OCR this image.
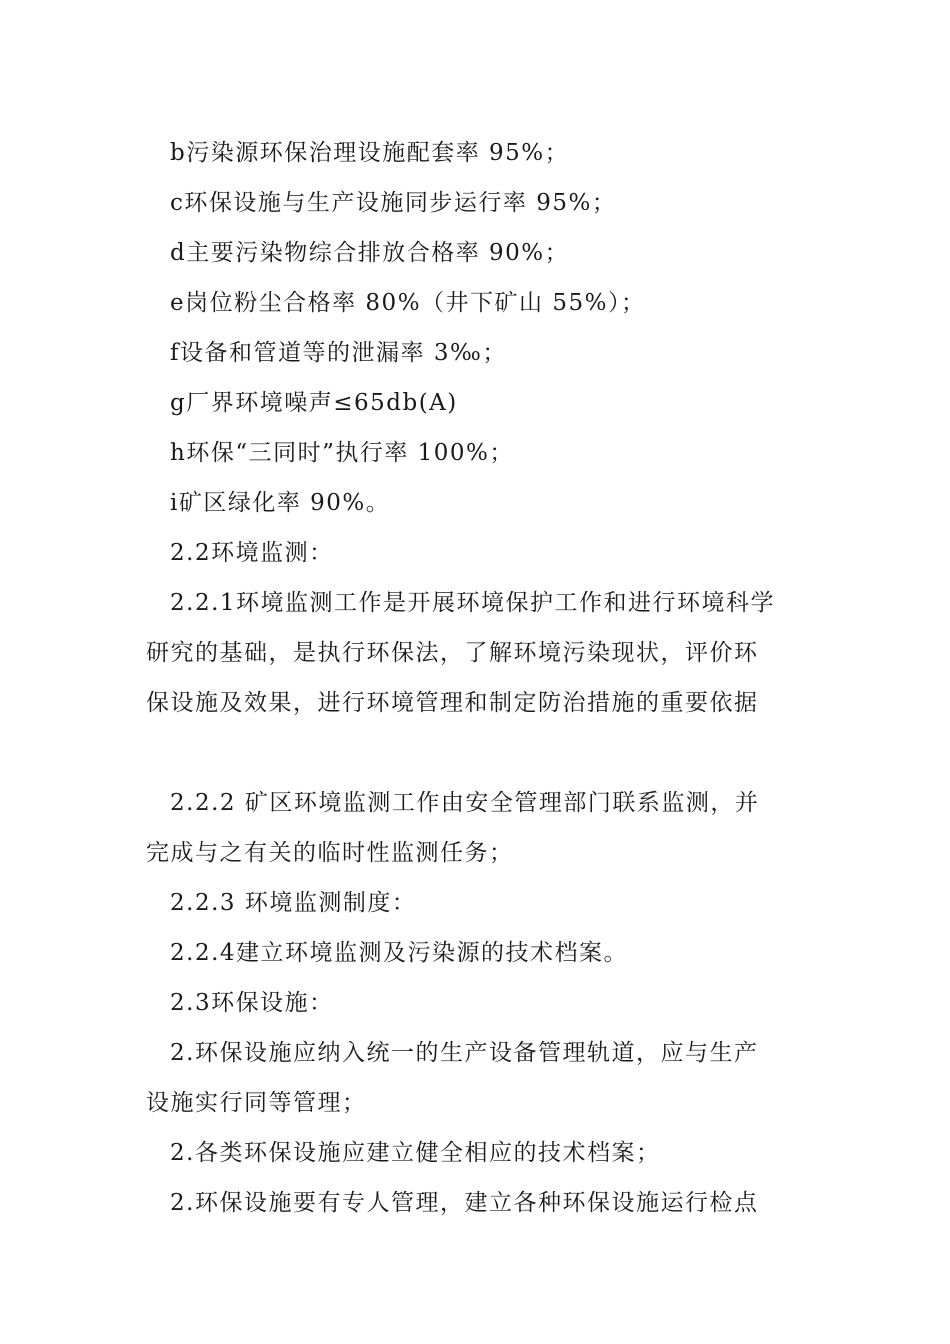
b污染源环保治理设施配套率 95%；
c环保设施与生产设施同步运行率 95%；
d主要污染物综合排放合格率 90%；
e岗位粉尘合格率 80%（井下矿山 55%）；
f设备和管道等的泄漏率 3‰；
g厂界环境噪声≤65db(A)
h环保“三同时”执行率 100%；
i矿区绿化率 90%。
2.2环境监测：
2.2.1环境监测工作是开展环境保护工作和进行环境科学
研究的基础，是执行环保法，了解环境污染现状，评价环
保设施及效果，进行环境管理和制定防治措施的重要依据
2.2.2 矿区环境监测工作由安全管理部门联系监测，并
完成与之有关的临时性监测任务；
2.2.3 环境监测制度：
2.2.4建立环境监测及污染源的技术档案。
2.3环保设施：
2.环保设施应纳入统一的生产设备管理轨道，应与生产
设施实行同等管理；
2.各类环保设施应建立健全相应的技术档案；
2.环保设施要有专人管理，建立各种环保设施运行检点
